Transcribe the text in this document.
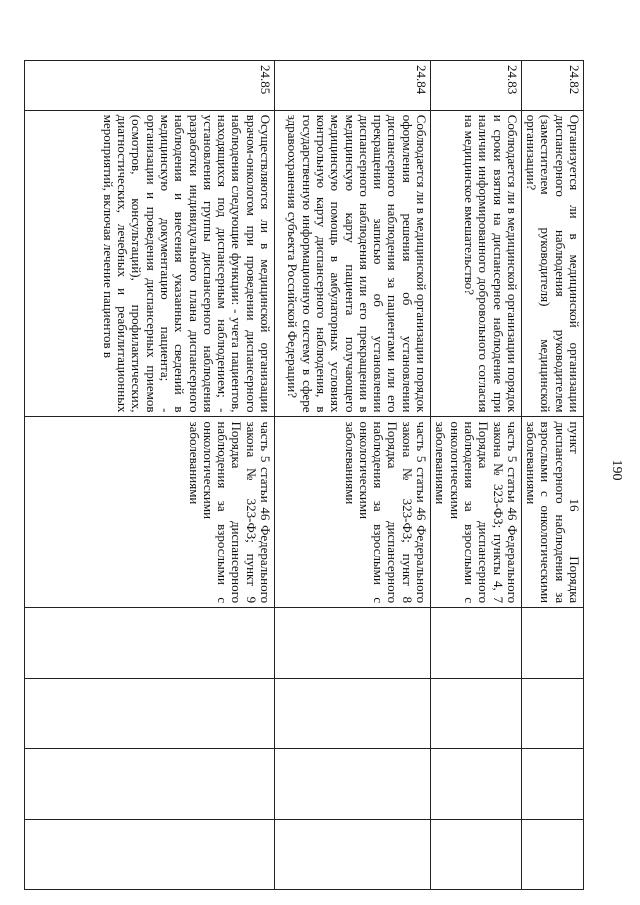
190
24.82	Организуется ли в медицинской организации диспансерного наблюдения руководителем (заместителем руководителя) медицинской организации?	пункт 16 Порядка диспансерного наблюдения за взрослыми с онкологическими заболеваниями				
24.83	Соблюдается ли в медицинской организации порядок и сроки взятия на диспансерное наблюдение при наличии информированного добровольного согласия на медицинское вмешательство?	часть 5 статьи 46 Федерального закона № 323-ФЗ; пункты 4, 7 Порядка диспансерного наблюдения за взрослыми с онкологическими заболеваниями				
24.84	Соблюдается ли в медицинской организации порядок оформления решения об установлении диспансерного наблюдения за пациентами или его прекращении записью об установлении диспансерного наблюдения или его прекращении в медицинскую карту пациента получающего медицинскую помощь в амбулаторных условиях контрольную карту диспансерного наблюдения, в государственную информационную систему в сфере здравоохранения субъекта Российской Федерации?	часть 5 статьи 46 Федерального закона № 323-ФЗ; пункт 8 Порядка диспансерного наблюдения за взрослыми с онкологическими заболеваниями				
24.85	Осуществляются ли в медицинской организации врачом-онкологом при проведении диспансерного наблюдения следующие функции: - учета пациентов, находящихся под диспансерным наблюдением; - установления группы диспансерного наблюдения разработки индивидуального плана диспансерного наблюдения и внесения указанных сведений в медицинскую документацию пациента; - организации и проведения диспансерных приемов (осмотров, консультаций), профилактических, диагностических, лечебных и реабилитационных мероприятий, включая лечение пациентов в	часть 5 статьи 46 Федерального закона № 323-ФЗ; пункт 9 Порядка диспансерного наблюдения за взрослыми с онкологическими заболеваниями				
